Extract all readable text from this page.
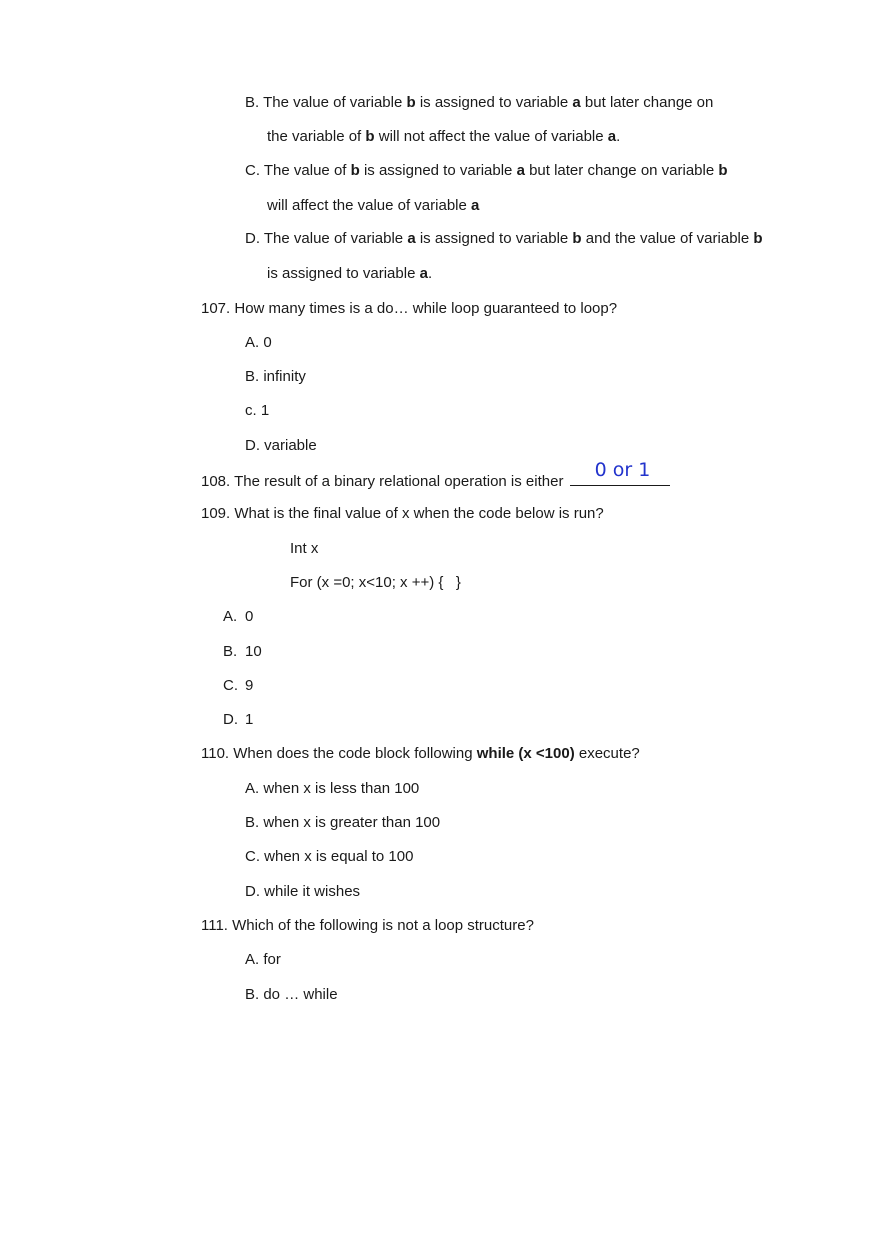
B. The value of variable b is assigned to variable a but later change on
the variable of b will not affect the value of variable a.
C. The value of b is assigned to variable a but later change on variable b
will affect the value of variable a
D. The value of variable a is assigned to variable b and the value of variable b
is assigned to variable a.
107. How many times is a do… while loop guaranteed to loop?
A. 0
B. infinity
c. 1
D. variable
108. The result of a binary relational operation is either
0 or 1
109. What is the final value of x when the code below is run?
Int x
For (x =0; x<10; x ++) {   }
A. 0
B. 10
C. 9
D. 1
110. When does the code block following while (x <100) execute?
A. when x is less than 100
B. when x is greater than 100
C. when x is equal to 100
D. while it wishes
111. Which of the following is not a loop structure?
A. for
B. do … while
